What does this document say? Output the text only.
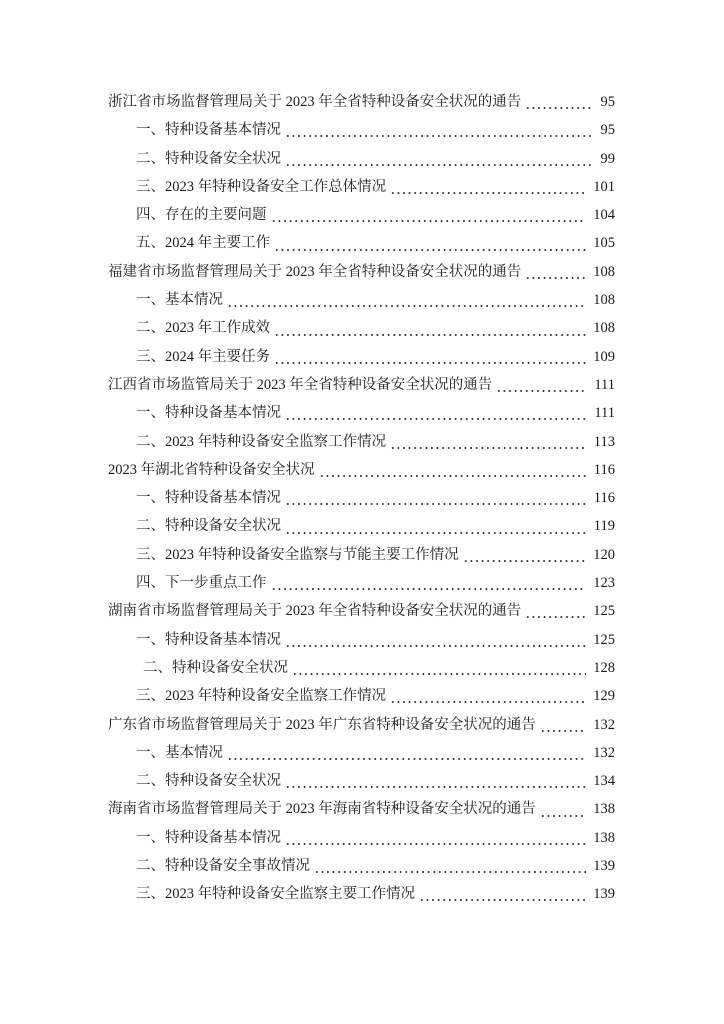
浙江省市场监督管理局关于 2023 年全省特种设备安全状况的通告	95
一、特种设备基本情况	95
二、特种设备安全状况	99
三、2023 年特种设备安全工作总体情况	101
四、存在的主要问题	104
五、2024 年主要工作	105
福建省市场监督管理局关于 2023 年全省特种设备安全状况的通告	108
一、基本情况	108
二、2023 年工作成效	108
三、2024 年主要任务	109
江西省市场监管局关于 2023 年全省特种设备安全状况的通告	111
一、特种设备基本情况	111
二、2023 年特种设备安全监察工作情况	113
2023 年湖北省特种设备安全状况	116
一、特种设备基本情况	116
二、特种设备安全状况	119
三、2023 年特种设备安全监察与节能主要工作情况	120
四、下一步重点工作	123
湖南省市场监督管理局关于 2023 年全省特种设备安全状况的通告	125
一、特种设备基本情况	125
二、特种设备安全状况	128
三、2023 年特种设备安全监察工作情况	129
广东省市场监督管理局关于 2023 年广东省特种设备安全状况的通告	132
一、基本情况	132
二、特种设备安全状况	134
海南省市场监督管理局关于 2023 年海南省特种设备安全状况的通告	138
一、特种设备基本情况	138
二、特种设备安全事故情况	139
三、2023 年特种设备安全监察主要工作情况	139
